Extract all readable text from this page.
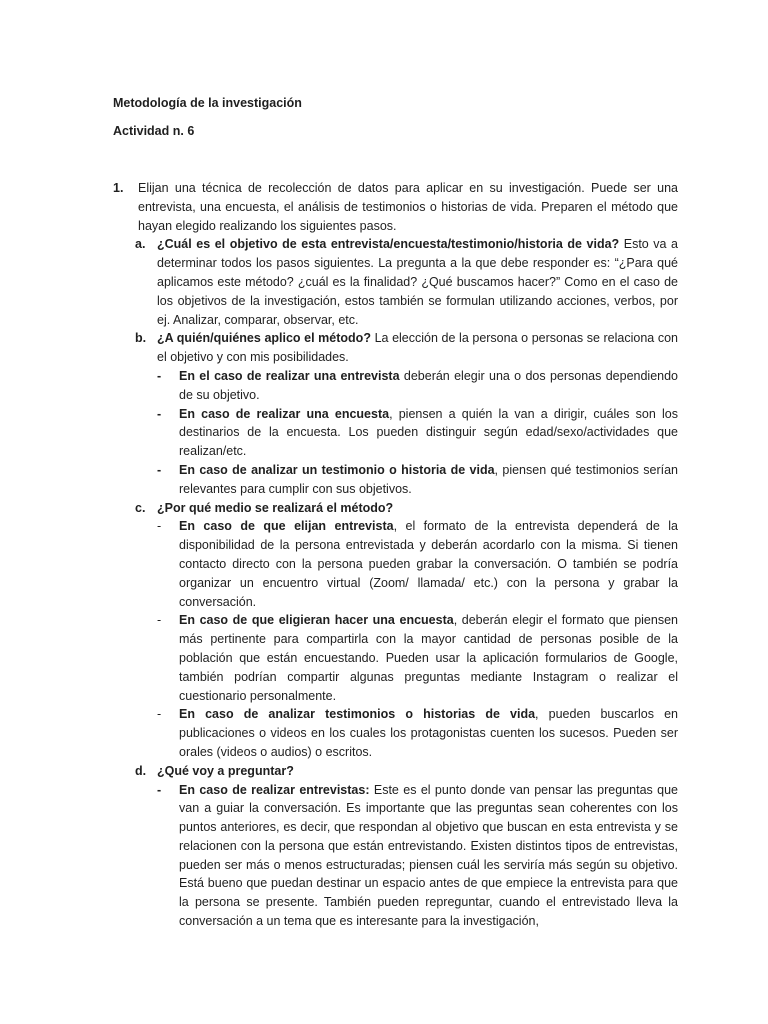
Metodología de la investigación
Actividad n. 6
1. Elijan una técnica de recolección de datos para aplicar en su investigación. Puede ser una entrevista, una encuesta, el análisis de testimonios o historias de vida. Preparen el método que hayan elegido realizando los siguientes pasos.

a. ¿Cuál es el objetivo de esta entrevista/encuesta/testimonio/historia de vida? Esto va a determinar todos los pasos siguientes. La pregunta a la que debe responder es: “¿Para qué aplicamos este método? ¿cuál es la finalidad? ¿Qué buscamos hacer?” Como en el caso de los objetivos de la investigación, estos también se formulan utilizando acciones, verbos, por ej. Analizar, comparar, observar, etc.

b. ¿A quién/quiénes aplico el método? La elección de la persona o personas se relaciona con el objetivo y con mis posibilidades.

- En el caso de realizar una entrevista deberán elegir una o dos personas dependiendo de su objetivo.

- En caso de realizar una encuesta, piensen a quién la van a dirigir, cuáles son los destinarios de la encuesta. Los pueden distinguir según edad/sexo/actividades que realizan/etc.

- En caso de analizar un testimonio o historia de vida, piensen qué testimonios serían relevantes para cumplir con sus objetivos.

c. ¿Por qué medio se realizará el método?

- En caso de que elijan entrevista, el formato de la entrevista dependerá de la disponibilidad de la persona entrevistada y deberán acordarlo con la misma. Si tienen contacto directo con la persona pueden grabar la conversación. O también se podría organizar un encuentro virtual (Zoom/ llamada/ etc.) con la persona y grabar la conversación.

- En caso de que eligieran hacer una encuesta, deberán elegir el formato que piensen más pertinente para compartirla con la mayor cantidad de personas posible de la población que están encuestando. Pueden usar la aplicación formularios de Google, también podrían compartir algunas preguntas mediante Instagram o realizar el cuestionario personalmente.

- En caso de analizar testimonios o historias de vida, pueden buscarlos en publicaciones o videos en los cuales los protagonistas cuenten los sucesos. Pueden ser orales (videos o audios) o escritos.

d. ¿Qué voy a preguntar?

- En caso de realizar entrevistas: Este es el punto donde van pensar las preguntas que van a guiar la conversación. Es importante que las preguntas sean coherentes con los puntos anteriores, es decir, que respondan al objetivo que buscan en esta entrevista y se relacionen con la persona que están entrevistando. Existen distintos tipos de entrevistas, pueden ser más o menos estructuradas; piensen cuál les serviría más según su objetivo. Está bueno que puedan destinar un espacio antes de que empiece la entrevista para que la persona se presente. También pueden repreguntar, cuando el entrevistado lleva la conversación a un tema que es interesante para la investigación,
